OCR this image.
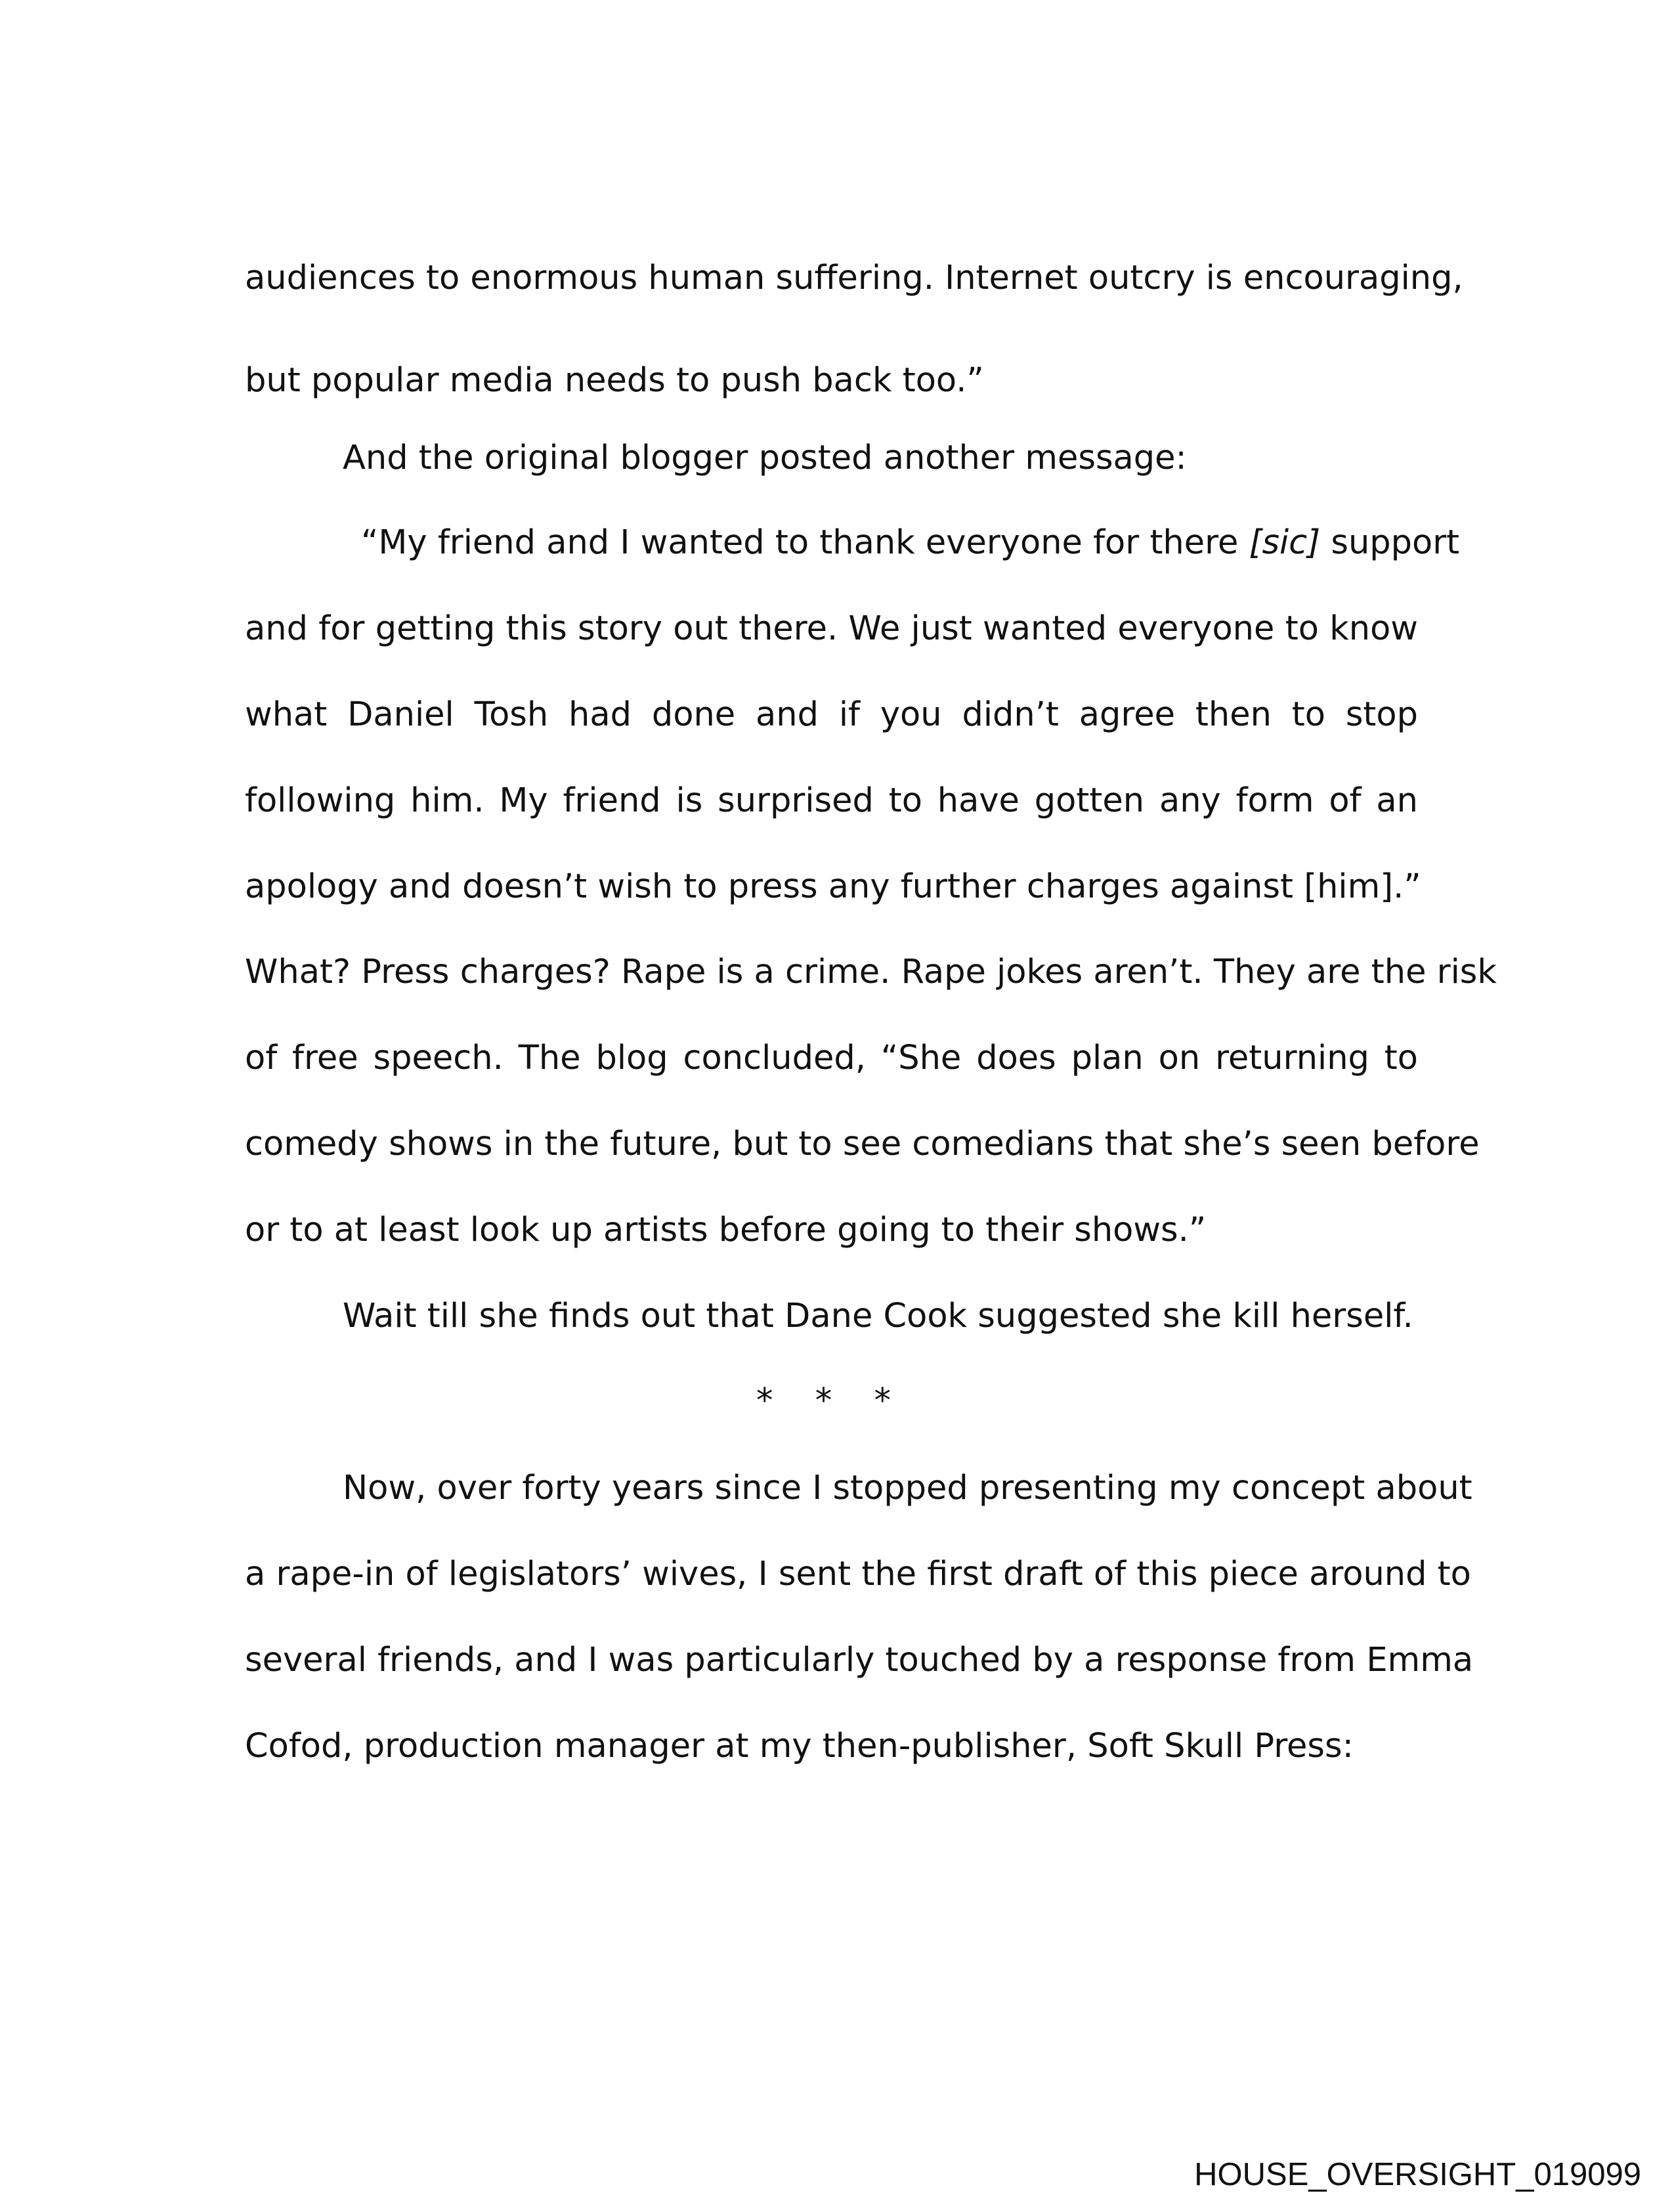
audiences to enormous human suffering. Internet outcry is encouraging,
but popular media needs to push back too.”
And the original blogger posted another message:
“My friend and I wanted to thank everyone for there [sic] support
and for getting this story out there. We just wanted everyone to know
what Daniel Tosh had done and if you didn’t agree then to stop
following him. My friend is surprised to have gotten any form of an
apology and doesn’t wish to press any further charges against [him].”
What? Press charges? Rape is a crime. Rape jokes aren’t. They are the risk
of free speech. The blog concluded, “She does plan on returning to
comedy shows in the future, but to see comedians that she’s seen before
or to at least look up artists before going to their shows.”
Wait till she finds out that Dane Cook suggested she kill herself.
* * *
Now, over forty years since I stopped presenting my concept about
a rape-in of legislators’ wives, I sent the first draft of this piece around to
several friends, and I was particularly touched by a response from Emma
Cofod, production manager at my then-publisher, Soft Skull Press:
HOUSE_OVERSIGHT_019099
